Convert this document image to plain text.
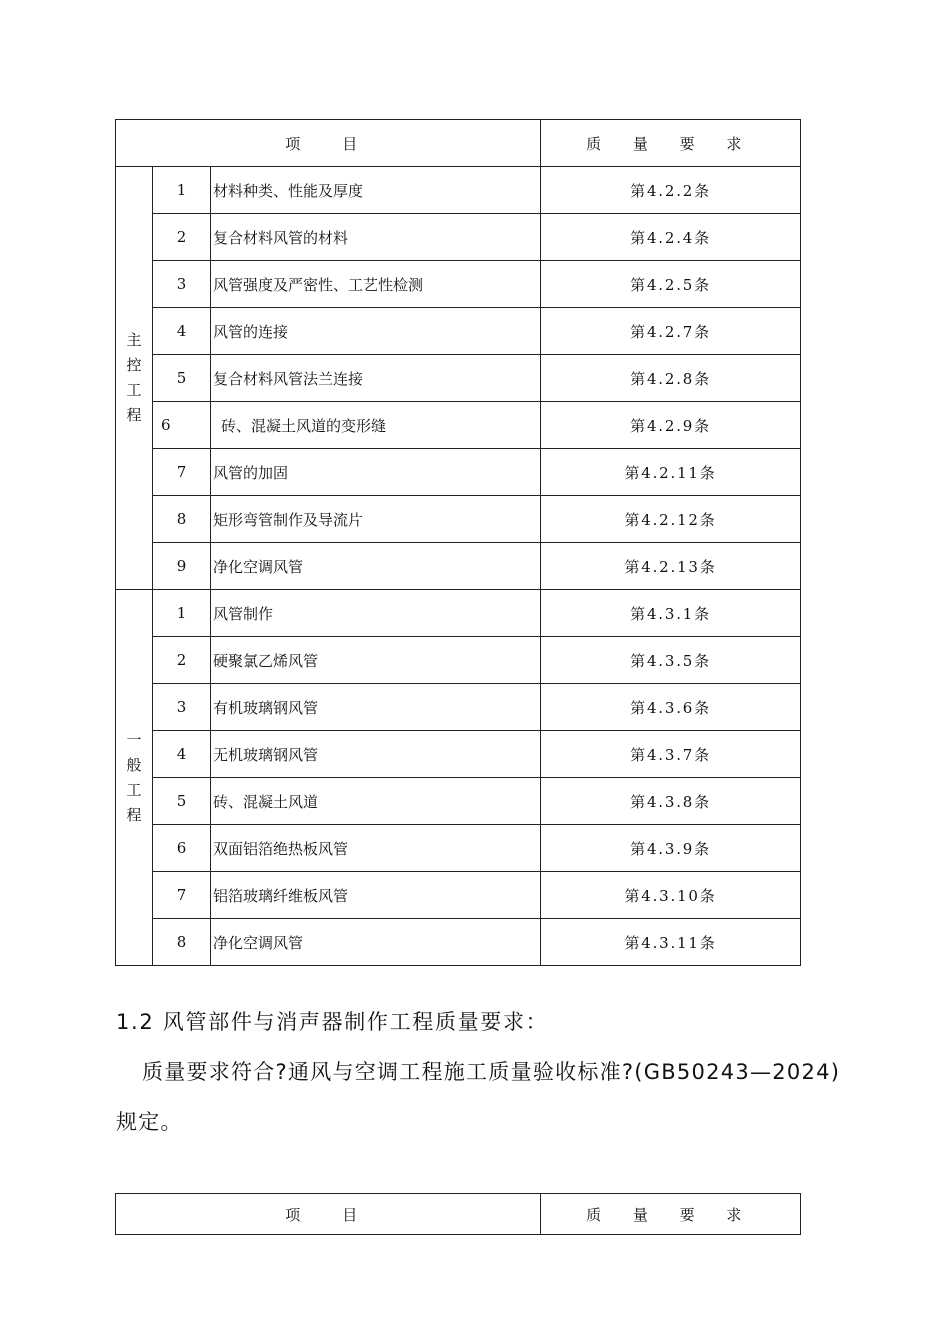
项　目			质 量 要 求

主
控
工
程	1	材料种类、性能及厚度	第4.2.2条
	2	复合材料风管的材料	第4.2.4条
	3	风管强度及严密性、工艺性检测	第4.2.5条
	4	风管的连接	第4.2.7条
	5	复合材料风管法兰连接	第4.2.8条
	6	砖、混凝土风道的变形缝	第4.2.9条
	7	风管的加固	第4.2.11条
	8	矩形弯管制作及导流片	第4.2.12条
	9	净化空调风管	第4.2.13条

一
般
工
程	1	风管制作	第4.3.1条
	2	硬聚氯乙烯风管	第4.3.5条
	3	有机玻璃钢风管	第4.3.6条
	4	无机玻璃钢风管	第4.3.7条
	5	砖、混凝土风道	第4.3.8条
	6	双面铝箔绝热板风管	第4.3.9条
	7	铝箔玻璃纤维板风管	第4.3.10条
	8	净化空调风管	第4.3.11条
1.2 风管部件与消声器制作工程质量要求：
质量要求符合?通风与空调工程施工质量验收标准?(GB50243—2024)规定。
项　目	质 量 要 求
